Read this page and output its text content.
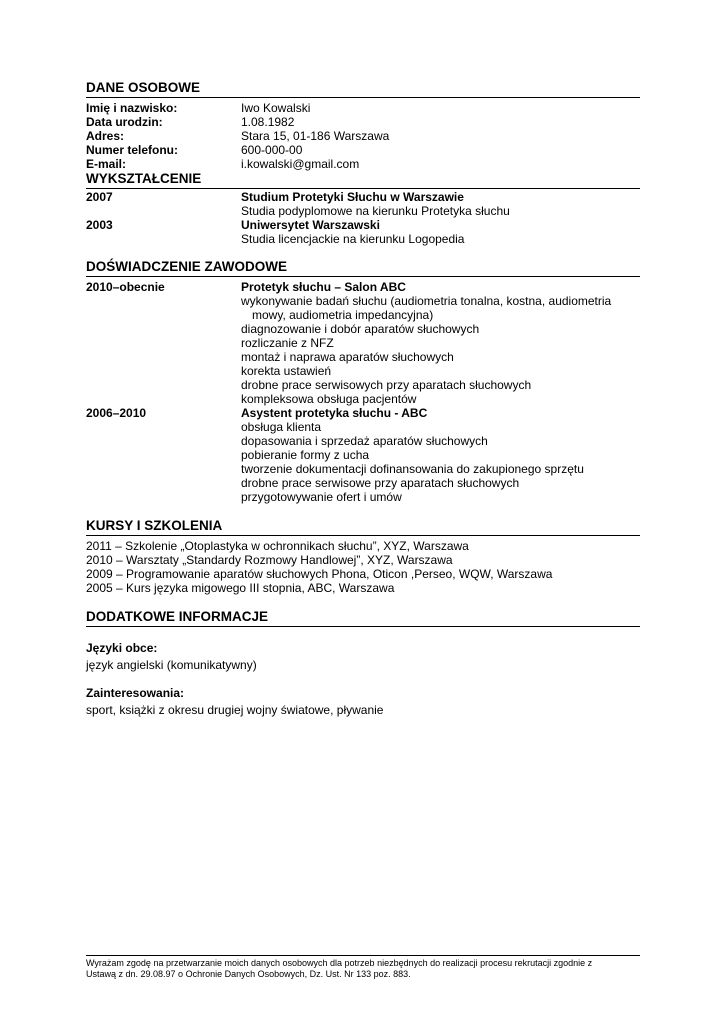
DANE OSOBOWE
Imię i nazwisko:	Iwo Kowalski
Data urodzin:	1.08.1982
Adres:	Stara 15, 01-186 Warszawa
Numer telefonu:	600-000-00
E-mail:	i.kowalski@gmail.com
WYKSZTAŁCENIE
2007	Studium Protetyki Słuchu w Warszawie
Studia podyplomowe na kierunku Protetyka słuchu
2003	Uniwersytet Warszawski
Studia licencjackie na kierunku Logopedia
DOŚWIADCZENIE ZAWODOWE
2010–obecnie	Protetyk słuchu – Salon ABC
wykonywanie badań słuchu (audiometria tonalna, kostna, audiometria mowy, audiometria impedancyjna)
diagnozowanie i dobór aparatów słuchowych
rozliczanie z NFZ
montaż i naprawa aparatów słuchowych
korekta ustawień
drobne prace serwisowych przy aparatach słuchowych
kompleksowa obsługa pacjentów
2006–2010	Asystent protetyka słuchu - ABC
obsługa klienta
dopasowania i sprzedaż aparatów słuchowych
pobieranie formy z ucha
tworzenie dokumentacji dofinansowania do zakupionego sprzętu
drobne prace serwisowe przy aparatach słuchowych
przygotowywanie ofert i umów
KURSY I SZKOLENIA
2011 – Szkolenie „Otoplastyka w ochronnikach słuchu”, XYZ, Warszawa
2010 – Warsztaty „Standardy Rozmowy Handlowej”, XYZ, Warszawa
2009 – Programowanie aparatów słuchowych Phona, Oticon ,Perseo, WQW, Warszawa
2005 – Kurs języka migowego III stopnia, ABC, Warszawa
DODATKOWE INFORMACJE
Języki obce:
język angielski (komunikatywny)
Zainteresowania:
sport, książki z okresu drugiej wojny światowe, pływanie
Wyrażam zgodę na przetwarzanie moich danych osobowych dla potrzeb niezbędnych do realizacji procesu rekrutacji zgodnie z
Ustawą z dn. 29.08.97 o Ochronie Danych Osobowych, Dz. Ust. Nr 133 poz. 883.
